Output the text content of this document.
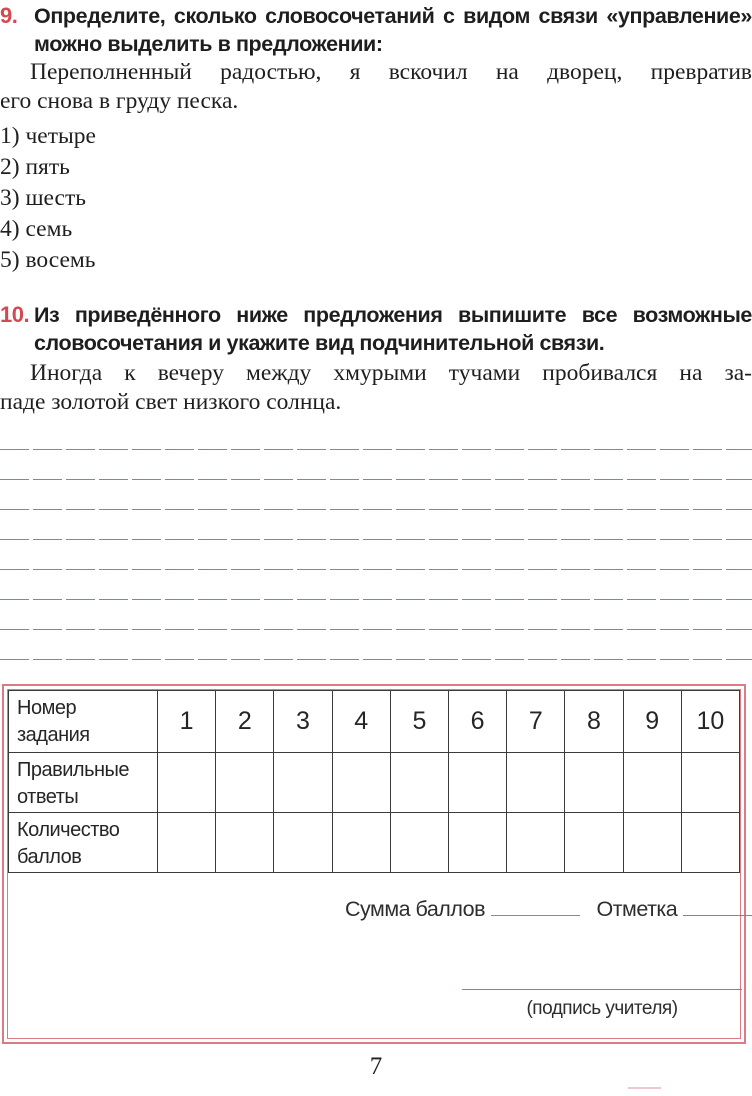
9. Определите, сколько словосочетаний с видом связи «управление»
можно выделить в предложении:
Переполненный радостью, я вскочил на дворец, превратив
его снова в груду песка.
1) четыре
2) пять
3) шесть
4) семь
5) восемь
10. Из приведённого ниже предложения выпишите все возможные
словосочетания и укажите вид подчинительной связи.
Иногда к вечеру между хмурыми тучами пробивался на за-
паде золотой свет низкого солнца.
Номер задания	1	2	3	4	5	6	7	8	9	10
Правильные ответы
Количество баллов
Сумма баллов	Отметка
(подпись учителя)
7
